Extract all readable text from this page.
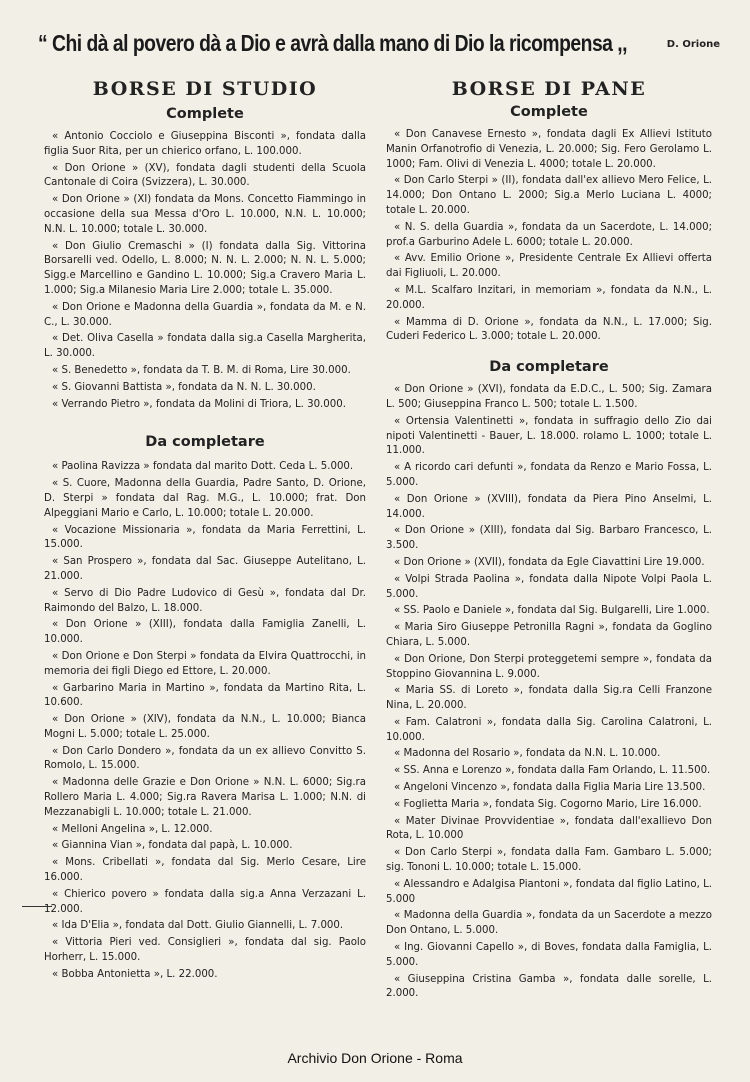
“ Chi dà al povero dà a Dio e avrà dalla mano di Dio la ricompensa ,,	D. Orione
BORSE DI STUDIO
Complete

« Antonio Cocciolo e Giuseppina Bisconti », fondata dalla figlia Suor Rita, per un chierico orfano, L. 100.000.

« Don Orione » (XV), fondata dagli studenti della Scuola Cantonale di Coira (Svizzera), L. 30.000.

« Don Orione » (XI) fondata da Mons. Concetto Fiammingo in occasione della sua Messa d'Oro L. 10.000, N.N. L. 10.000; N.N. L. 10.000; totale L. 30.000.

« Don Giulio Cremaschi » (I) fondata dalla Sig. Vittorina Borsarelli ved. Odello, L. 8.000; N. N. L. 2.000; N. N. L. 5.000; Sigg.e Marcellino e Gandino L. 10.000; Sig.a Cravero Maria L. 1.000; Sig.a Milanesio Maria Lire 2.000; totale L. 35.000.

« Don Orione e Madonna della Guardia », fondata da M. e N. C., L. 30.000.

« Det. Oliva Casella » fondata dalla sig.a Casella Margherita, L. 30.000.

« S. Benedetto », fondata da T. B. M. di Roma, Lire 30.000.

« S. Giovanni Battista », fondata da N. N. L. 30.000.

« Verrando Pietro », fondata da Molini di Triora, L. 30.000.

Da completare

« Paolina Ravizza » fondata dal marito Dott. Ceda L. 5.000.

« S. Cuore, Madonna della Guardia, Padre Santo, D. Orione, D. Sterpi » fondata dal Rag. M.G., L. 10.000; frat. Don Alpeggiani Mario e Carlo, L. 10.000; totale L. 20.000.

« Vocazione Missionaria », fondata da Maria Ferrettini, L. 15.000.

« San Prospero », fondata dal Sac. Giuseppe Autelitano, L. 21.000.

« Servo di Dio Padre Ludovico di Gesù », fondata dal Dr. Raimondo del Balzo, L. 18.000.

« Don Orione » (XIII), fondata dalla Famiglia Zanelli, L. 10.000.

« Don Orione e Don Sterpi » fondata da Elvira Quattrocchi, in memoria dei figli Diego ed Ettore, L. 20.000.

« Garbarino Maria in Martino », fondata da Martino Rita, L. 10.600.

« Don Orione » (XIV), fondata da N.N., L. 10.000; Bianca Mogni L. 5.000; totale L. 25.000.

« Don Carlo Dondero », fondata da un ex allievo Convitto S. Romolo, L. 15.000.

« Madonna delle Grazie e Don Orione » N.N. L. 6000; Sig.ra Rollero Maria L. 4.000; Sig.ra Ravera Marisa L. 1.000; N.N. di Mezzanabigli L. 10.000; totale L. 21.000.

« Melloni Angelina », L. 12.000.

« Giannina Vian », fondata dal papà, L. 10.000.

« Mons. Cribellati », fondata dal Sig. Merlo Cesare, Lire 16.000.

« Chierico povero » fondata dalla sig.a Anna Verzazani L. 12.000.

« Ida D'Elia », fondata dal Dott. Giulio Giannelli, L. 7.000.

« Vittoria Pieri ved. Consiglieri », fondata dal sig. Paolo Horherr, L. 15.000.

« Bobba Antonietta », L. 22.000.

BORSE DI PANE
Complete

« Don Canavese Ernesto », fondata dagli Ex Allievi Istituto Manin Orfanotrofio di Venezia, L. 20.000; Sig. Fero Gerolamo L. 1000; Fam. Olivi di Venezia L. 4000; totale L. 20.000.

« Don Carlo Sterpi » (II), fondata dall'ex allievo Mero Felice, L. 14.000; Don Ontano L. 2000; Sig.a Merlo Luciana L. 4000; totale L. 20.000.

« N. S. della Guardia », fondata da un Sacerdote, L. 14.000; prof.a Garburino Adele L. 6000; totale L. 20.000.

« Avv. Emilio Orione », Presidente Centrale Ex Allievi offerta dai Figliuoli, L. 20.000.

« M.L. Scalfaro Inzitari, in memoriam », fondata da N.N., L. 20.000.

« Mamma di D. Orione », fondata da N.N., L. 17.000; Sig. Cuderi Federico L. 3.000; totale L. 20.000.

Da completare

« Don Orione » (XVI), fondata da E.D.C., L. 500; Sig. Zamara L. 500; Giuseppina Franco L. 500; totale L. 1.500.

« Ortensia Valentinetti », fondata in suffragio dello Zio dai nipoti Valentinetti - Bauer, L. 18.000. rolamo L. 1000; totale L. 11.000.

« A ricordo cari defunti », fondata da Renzo e Mario Fossa, L. 5.000.

« Don Orione » (XVIII), fondata da Piera Pino Anselmi, L. 14.000.

« Don Orione » (XIII), fondata dal Sig. Barbaro Francesco, L. 3.500.

« Don Orione » (XVII), fondata da Egle Ciavattini Lire 19.000.

« Volpi Strada Paolina », fondata dalla Nipote Volpi Paola L. 5.000.

« SS. Paolo e Daniele », fondata dal Sig. Bulgarelli, Lire 1.000.

« Maria Siro Giuseppe Petronilla Ragni », fondata da Goglino Chiara, L. 5.000.

« Don Orione, Don Sterpi proteggetemi sempre », fondata da Stoppino Giovannina L. 9.000.

« Maria SS. di Loreto », fondata dalla Sig.ra Celli Franzone Nina, L. 20.000.

« Fam. Calatroni », fondata dalla Sig. Carolina Calatroni, L. 10.000.

« Madonna del Rosario », fondata da N.N. L. 10.000.

« SS. Anna e Lorenzo », fondata dalla Fam Orlando, L. 11.500.

« Angeloni Vincenzo », fondata dalla Figlia Maria Lire 13.500.

« Foglietta Maria », fondata Sig. Cogorno Mario, Lire 16.000.

« Mater Divinae Provvidentiae », fondata dall'exallievo Don Rota, L. 10.000

« Don Carlo Sterpi », fondata dalla Fam. Gambaro L. 5.000; sig. Tononi L. 10.000; totale L. 15.000.

« Alessandro e Adalgisa Piantoni », fondata dal figlio Latino, L. 5.000

« Madonna della Guardia », fondata da un Sacerdote a mezzo Don Ontano, L. 5.000.

« Ing. Giovanni Capello », di Boves, fondata dalla Famiglia, L. 5.000.

« Giuseppina Cristina Gamba », fondata dalle sorelle, L. 2.000.

Archivio Don Orione - Roma
